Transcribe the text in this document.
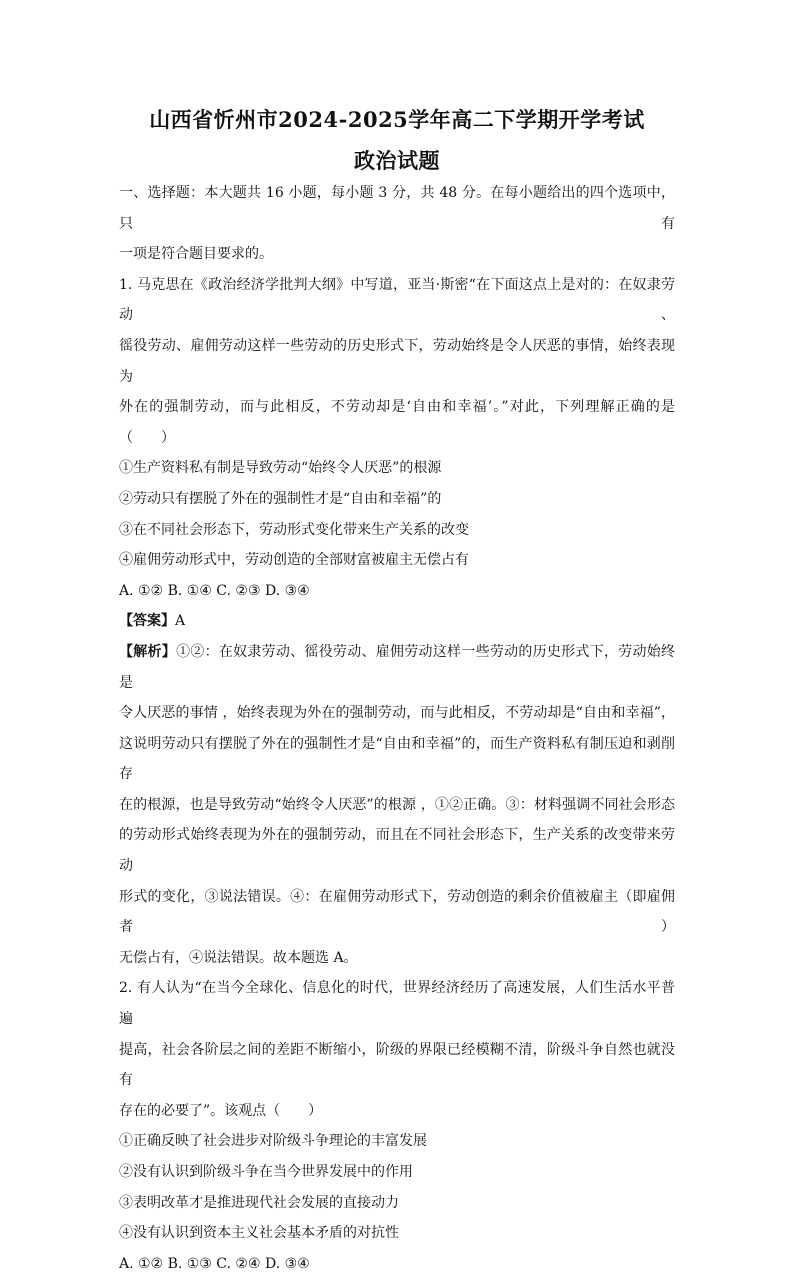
山西省忻州市2024-2025学年高二下学期开学考试
政治试题
一、选择题：本大题共 16 小题，每小题 3 分，共 48 分。在每小题给出的四个选项中，只有
一项是符合题目要求的。
1. 马克思在《政治经济学批判大纲》中写道，亚当·斯密“在下面这点上是对的：在奴隶劳动、
徭役劳动、雇佣劳动这样一些劳动的历史形式下，劳动始终是令人厌恶的事情，始终表现为
外在的强制劳动，而与此相反，不劳动却是‘自由和幸福’。”对此，下列理解正确的是
（　　）
①生产资料私有制是导致劳动“始终令人厌恶”的根源
②劳动只有摆脱了外在的强制性才是“自由和幸福”的
③在不同社会形态下，劳动形式变化带来生产关系的改变
④雇佣劳动形式中，劳动创造的全部财富被雇主无偿占有
A. ①② B. ①④ C. ②③ D. ③④
【答案】A
【解析】①②：在奴隶劳动、徭役劳动、雇佣劳动这样一些劳动的历史形式下，劳动始终是
令人厌恶的事情 ，始终表现为外在的强制劳动，而与此相反，不劳动却是“自由和幸福”，
这说明劳动只有摆脱了外在的强制性才是“自由和幸福”的，而生产资料私有制压迫和剥削存
在的根源，也是导致劳动“始终令人厌恶”的根源 ，①②正确。③：材料强调不同社会形态
的劳动形式始终表现为外在的强制劳动，而且在不同社会形态下，生产关系的改变带来劳动
形式的变化，③说法错误。④：在雇佣劳动形式下，劳动创造的剩余价值被雇主（即雇佣者）
无偿占有，④说法错误。故本题选 A。
2. 有人认为“在当今全球化、信息化的时代，世界经济经历了高速发展，人们生活水平普遍
提高，社会各阶层之间的差距不断缩小，阶级的界限已经模糊不清，阶级斗争自然也就没有
存在的必要了”。该观点（　　）
①正确反映了社会进步对阶级斗争理论的丰富发展
②没有认识到阶级斗争在当今世界发展中的作用
③表明改革才是推进现代社会发展的直接动力
④没有认识到资本主义社会基本矛盾的对抗性
A. ①② B. ①③ C. ②④ D. ③④
